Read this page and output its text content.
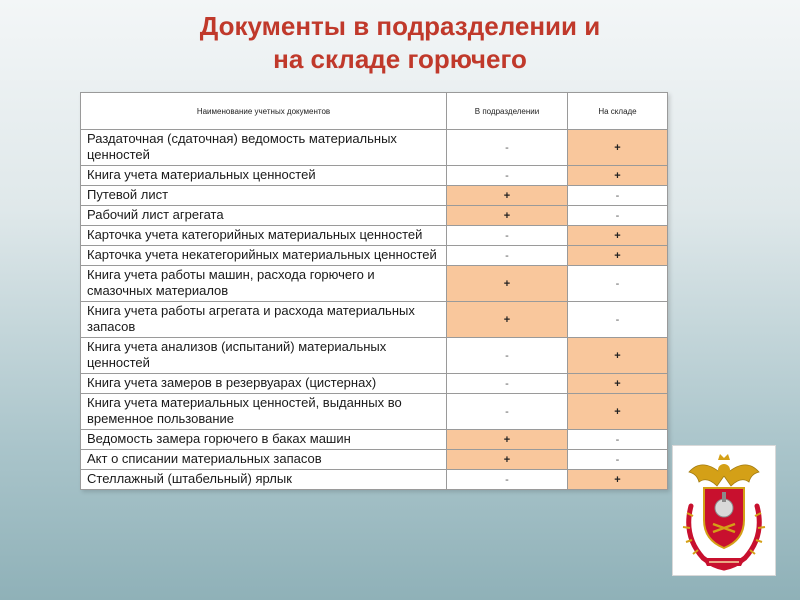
Документы в подразделении и
на складе горючего
Наименование учетных документов	В подразделении	На складе
Раздаточная (сдаточная) ведомость материальных ценностей	-	+
Книга учета материальных ценностей	-	+
Путевой лист	+	-
Рабочий лист агрегата	+	-
Карточка учета категорийных материальных ценностей	-	+
Карточка учета некатегорийных материальных ценностей	-	+
Книга учета работы машин, расхода горючего и смазочных материалов	+	-
Книга учета работы агрегата и расхода материальных запасов	+	-
Книга учета анализов (испытаний) материальных ценностей	-	+
Книга учета замеров в резервуарах (цистернах)	-	+
Книга учета материальных ценностей, выданных во временное пользование	-	+
Ведомость замера горючего в баках машин	+	-
Акт о списании материальных запасов	+	-
Стеллажный (штабельный) ярлык	-	+
